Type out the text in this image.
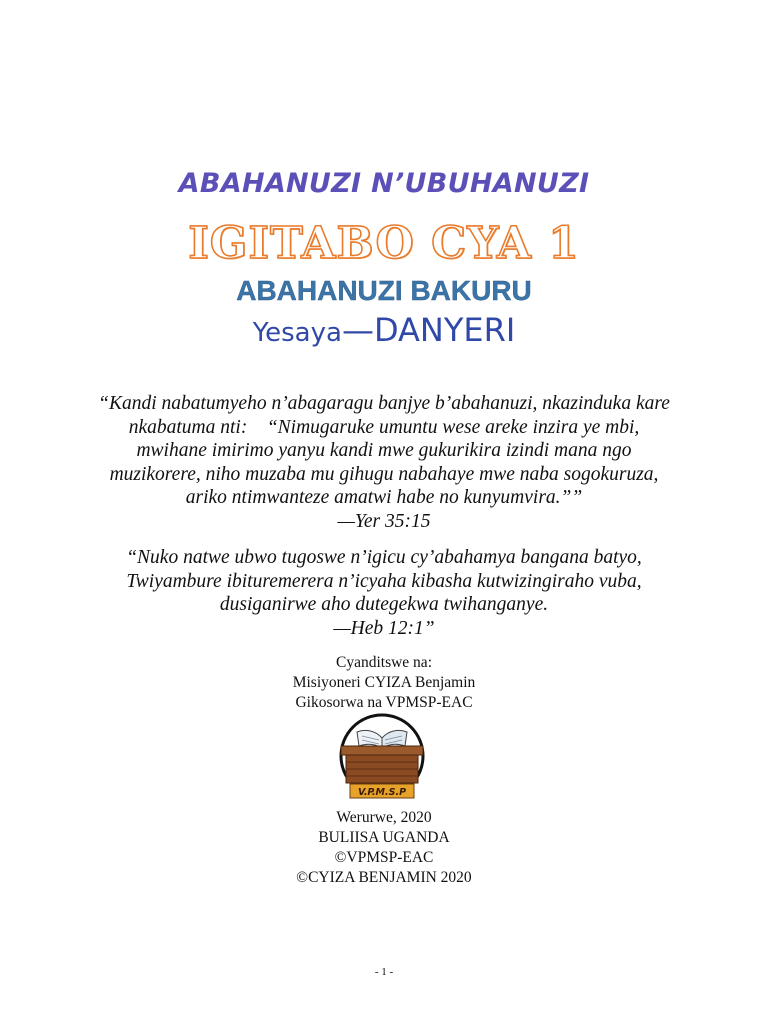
ABAHANUZI N’UBUHANUZI
IGITABO CYA 1
ABAHANUZI BAKURU
Yesaya—DANYERI
“Kandi nabatumyeho n’abagaragu banjye b’abahanuzi, nkazinduka kare
nkabatuma nti:    “Nimugaruke umuntu wese areke inzira ye mbi,
mwihane imirimo yanyu kandi mwe gukurikira izindi mana ngo
muzikorere, niho muzaba mu gihugu nabahaye mwe naba sogokuruza,
ariko ntimwanteze amatwi habe no kunyumvira.””
—Yer 35:15
“Nuko natwe ubwo tugoswe n’igicu cy’abahamya bangana batyo,
Twiyambure ibituremerera n’icyaha kibasha kutwizingiraho vuba,
dusiganirwe aho dutegekwa twihanganye.
—Heb 12:1”
Cyanditswe na:
Misiyoneri CYIZA Benjamin
Gikosorwa na VPMSP-EAC
V.P.M.S.P
Werurwe, 2020
BULIISA UGANDA
©VPMSP-EAC
©CYIZA BENJAMIN 2020
- 1 -
